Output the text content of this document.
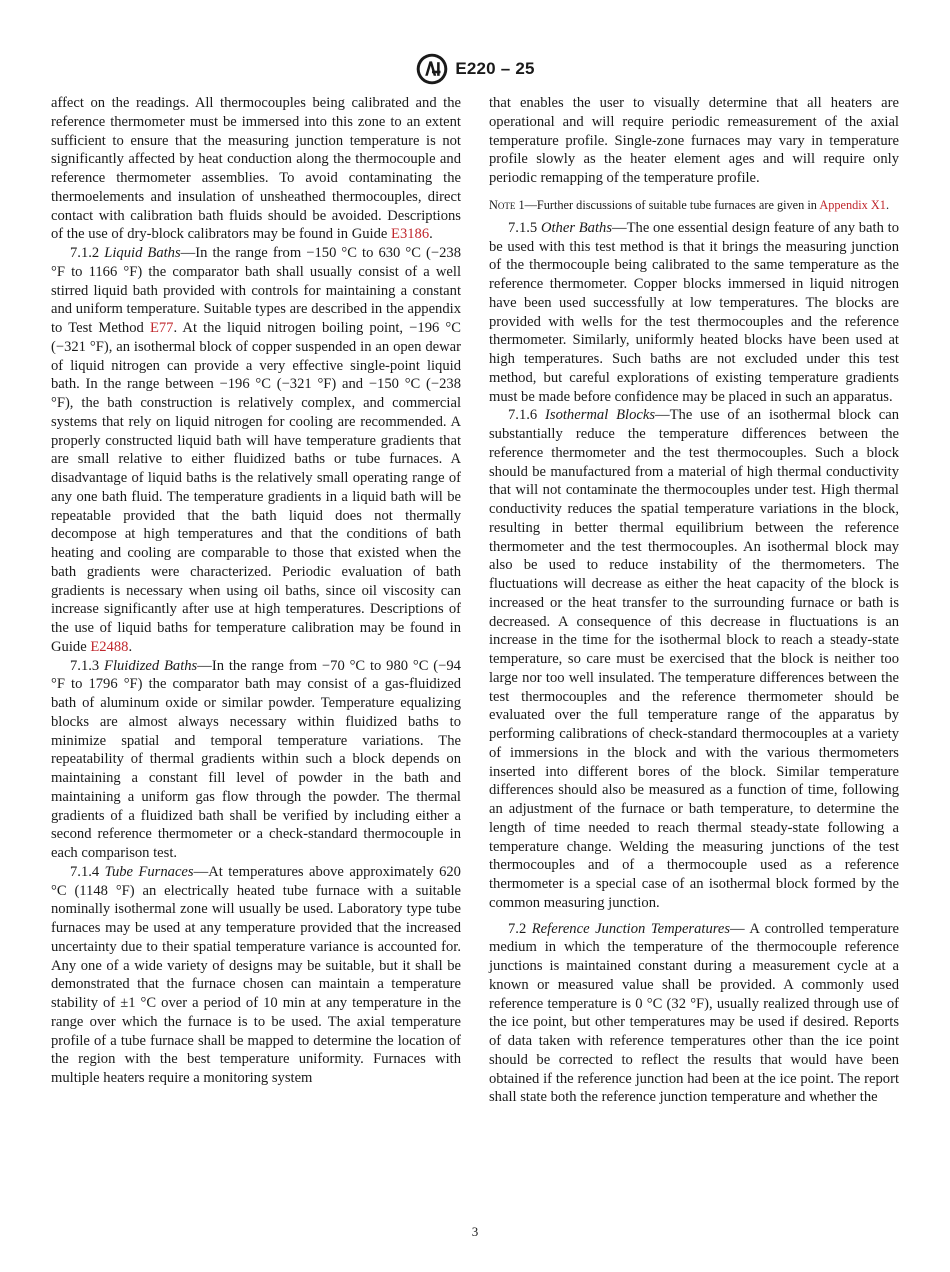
E220 – 25

affect on the readings. All thermocouples being calibrated and the reference thermometer must be immersed into this zone to an extent sufficient to ensure that the measuring junction temperature is not significantly affected by heat conduction along the thermocouple and reference thermometer assemblies. To avoid contaminating the thermoelements and insulation of unsheathed thermocouples, direct contact with calibration bath fluids should be avoided. Descriptions of the use of dry-block calibrators may be found in Guide E3186.

7.1.2 Liquid Baths—In the range from −150 °C to 630 °C (−238 °F to 1166 °F) the comparator bath shall usually consist of a well stirred liquid bath provided with controls for maintaining a constant and uniform temperature. Suitable types are described in the appendix to Test Method E77. At the liquid nitrogen boiling point, −196 °C (−321 °F), an isothermal block of copper suspended in an open dewar of liquid nitrogen can provide a very effective single-point liquid bath. In the range between −196 °C (−321 °F) and −150 °C (−238 °F), the bath construction is relatively complex, and commercial systems that rely on liquid nitrogen for cooling are recommended. A properly constructed liquid bath will have temperature gradients that are small relative to either fluidized baths or tube furnaces. A disadvantage of liquid baths is the relatively small operating range of any one bath fluid. The temperature gradients in a liquid bath will be repeatable provided that the bath liquid does not thermally decompose at high temperatures and that the conditions of bath heating and cooling are comparable to those that existed when the bath gradients were characterized. Periodic evaluation of bath gradients is necessary when using oil baths, since oil viscosity can increase significantly after use at high temperatures. Descriptions of the use of liquid baths for temperature calibration may be found in Guide E2488.

7.1.3 Fluidized Baths—In the range from −70 °C to 980 °C (−94 °F to 1796 °F) the comparator bath may consist of a gas-fluidized bath of aluminum oxide or similar powder. Temperature equalizing blocks are almost always necessary within fluidized baths to minimize spatial and temporal temperature variations. The repeatability of thermal gradients within such a block depends on maintaining a constant fill level of powder in the bath and maintaining a uniform gas flow through the powder. The thermal gradients of a fluidized bath shall be verified by including either a second reference thermometer or a check-standard thermocouple in each comparison test.

7.1.4 Tube Furnaces—At temperatures above approximately 620 °C (1148 °F) an electrically heated tube furnace with a suitable nominally isothermal zone will usually be used. Laboratory type tube furnaces may be used at any temperature provided that the increased uncertainty due to their spatial temperature variance is accounted for. Any one of a wide variety of designs may be suitable, but it shall be demonstrated that the furnace chosen can maintain a temperature stability of ±1 °C over a period of 10 min at any temperature in the range over which the furnace is to be used. The axial temperature profile of a tube furnace shall be mapped to determine the location of the region with the best temperature uniformity. Furnaces with multiple heaters require a monitoring system

that enables the user to visually determine that all heaters are operational and will require periodic remeasurement of the axial temperature profile. Single-zone furnaces may vary in temperature profile slowly as the heater element ages and will require only periodic remapping of the temperature profile.

Note 1—Further discussions of suitable tube furnaces are given in Appendix X1.

7.1.5 Other Baths—The one essential design feature of any bath to be used with this test method is that it brings the measuring junction of the thermocouple being calibrated to the same temperature as the reference thermometer. Copper blocks immersed in liquid nitrogen have been used successfully at low temperatures. The blocks are provided with wells for the test thermocouples and the reference thermometer. Similarly, uniformly heated blocks have been used at high temperatures. Such baths are not excluded under this test method, but careful explorations of existing temperature gradients must be made before confidence may be placed in such an apparatus.

7.1.6 Isothermal Blocks—The use of an isothermal block can substantially reduce the temperature differences between the reference thermometer and the test thermocouples. Such a block should be manufactured from a material of high thermal conductivity that will not contaminate the thermocouples under test. High thermal conductivity reduces the spatial temperature variations in the block, resulting in better thermal equilibrium between the reference thermometer and the test thermocouples. An isothermal block may also be used to reduce instability of the thermometers. The fluctuations will decrease as either the heat capacity of the block is increased or the heat transfer to the surrounding furnace or bath is decreased. A consequence of this decrease in fluctuations is an increase in the time for the isothermal block to reach a steady-state temperature, so care must be exercised that the block is neither too large nor too well insulated. The temperature differences between the test thermocouples and the reference thermometer should be evaluated over the full temperature range of the apparatus by performing calibrations of check-standard thermocouples at a variety of immersions in the block and with the various thermometers inserted into different bores of the block. Similar temperature differences should also be measured as a function of time, following an adjustment of the furnace or bath temperature, to determine the length of time needed to reach thermal steady-state following a temperature change. Welding the measuring junctions of the test thermocouples and of a thermocouple used as a reference thermometer is a special case of an isothermal block formed by the common measuring junction.

7.2 Reference Junction Temperatures— A controlled temperature medium in which the temperature of the thermocouple reference junctions is maintained constant during a measurement cycle at a known or measured value shall be provided. A commonly used reference temperature is 0 °C (32 °F), usually realized through use of the ice point, but other temperatures may be used if desired. Reports of data taken with reference temperatures other than the ice point should be corrected to reflect the results that would have been obtained if the reference junction had been at the ice point. The report shall state both the reference junction temperature and whether the

3
